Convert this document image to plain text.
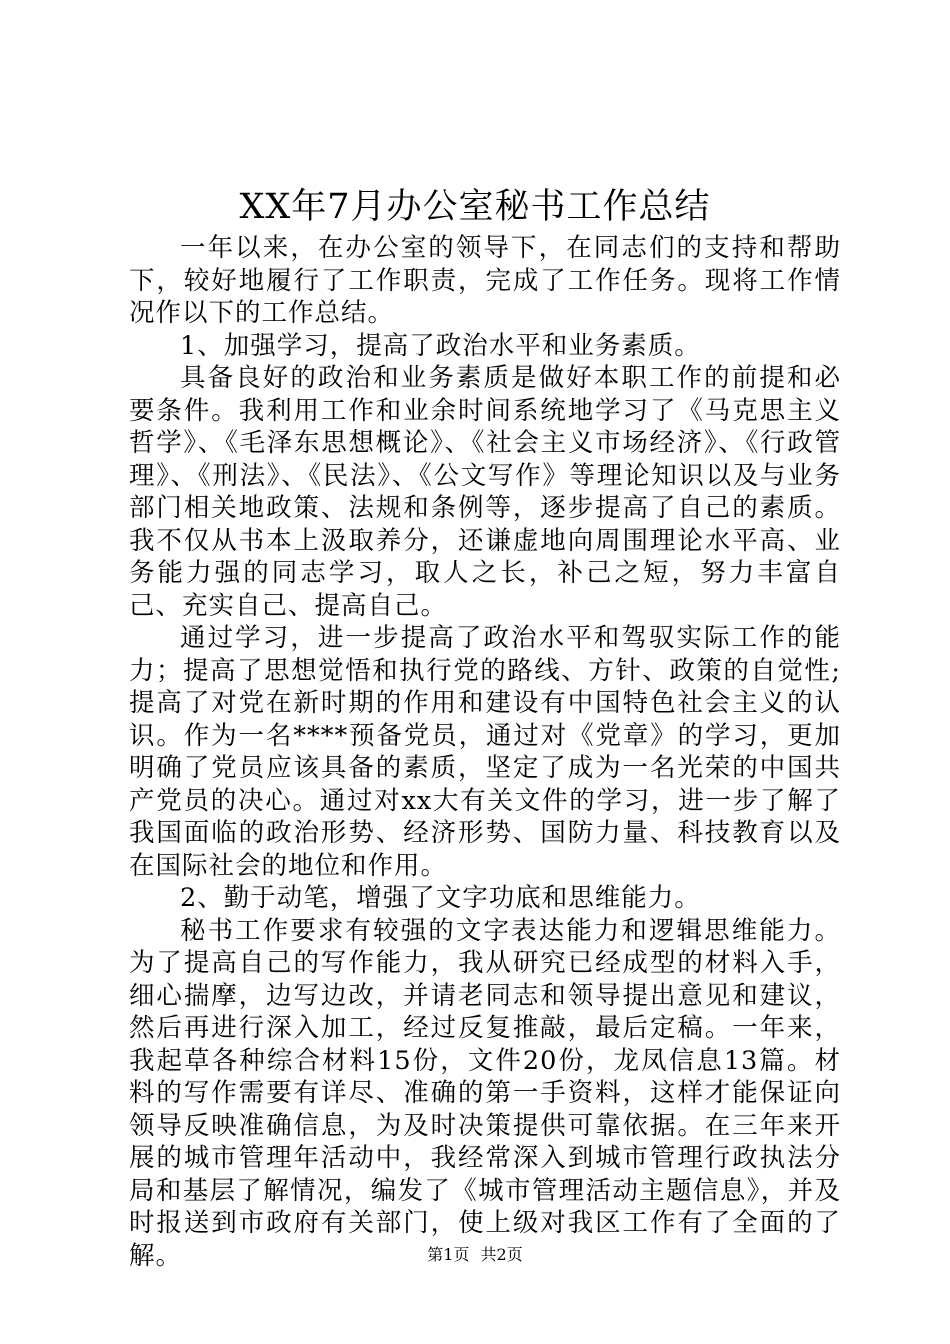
XX年7月办公室秘书工作总结

一年以来，在办公室的领导下，在同志们的支持和帮助下，较好地履行了工作职责，完成了工作任务。现将工作情况作以下的工作总结。

1、加强学习，提高了政治水平和业务素质。

具备良好的政治和业务素质是做好本职工作的前提和必要条件。我利用工作和业余时间系统地学习了《马克思主义哲学》、《毛泽东思想概论》、《社会主义市场经济》、《行政管理》、《刑法》、《民法》、《公文写作》等理论知识以及与业务部门相关地政策、法规和条例等，逐步提高了自己的素质。我不仅从书本上汲取养分，还谦虚地向周围理论水平高、业务能力强的同志学习，取人之长，补己之短，努力丰富自己、充实自己、提高自己。

通过学习，进一步提高了政治水平和驾驭实际工作的能力；提高了思想觉悟和执行党的路线、方针、政策的自觉性;提高了对党在新时期的作用和建设有中国特色社会主义的认识。作为一名****预备党员，通过对《党章》的学习，更加明确了党员应该具备的素质，坚定了成为一名光荣的中国共产党员的决心。通过对xx大有关文件的学习，进一步了解了我国面临的政治形势、经济形势、国防力量、科技教育以及在国际社会的地位和作用。

2、勤于动笔，增强了文字功底和思维能力。

秘书工作要求有较强的文字表达能力和逻辑思维能力。为了提高自己的写作能力，我从研究已经成型的材料入手，细心揣摩，边写边改，并请老同志和领导提出意见和建议，然后再进行深入加工，经过反复推敲，最后定稿。一年来，我起草各种综合材料15份，文件20份，龙凤信息13篇。材料的写作需要有详尽、准确的第一手资料，这样才能保证向领导反映准确信息，为及时决策提供可靠依据。在三年来开展的城市管理年活动中，我经常深入到城市管理行政执法分局和基层了解情况，编发了《城市管理活动主题信息》，并及时报送到市政府有关部门，使上级对我区工作有了全面的了解。	第1页 共2页
